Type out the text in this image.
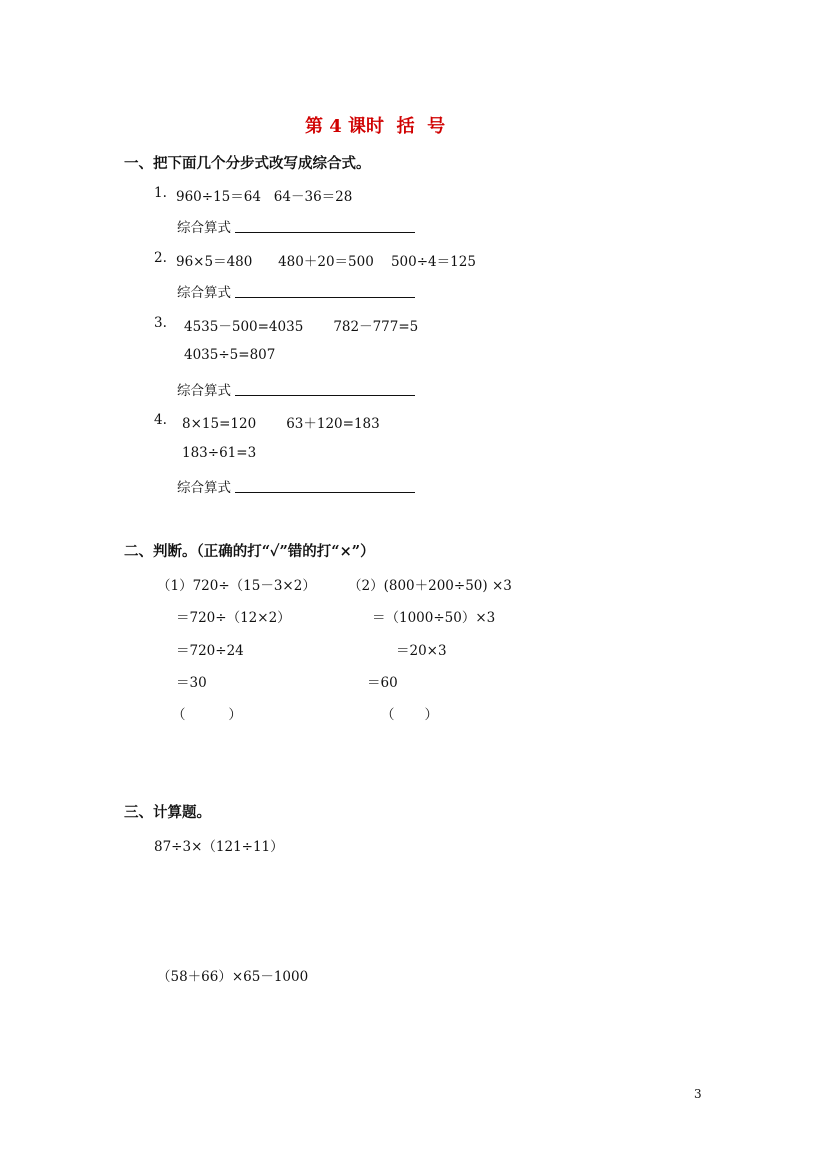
第 4 课时  括  号
一、把下面几个分步式改写成综合式。
1. 960÷15＝64   64－36＝28
综合算式
2. 96×5＝480      480＋20＝500    500÷4＝125
综合算式
3. 4535－500=4035       782－777=5
4035÷5=807
综合算式
4. 8×15=120       63＋120=183
183÷61=3
综合算式
二、判断。（正确的打“✓”错的打“×”）
（1）720÷（15－3×2）
＝720÷（12×2）
＝720÷24
＝30
（          ）
（2）(800＋200÷50) ×3
＝（1000÷50）×3
＝20×3
＝60
（       ）
三、计算题。
87÷3×（121÷11）
（58＋66）×65－1000
3
